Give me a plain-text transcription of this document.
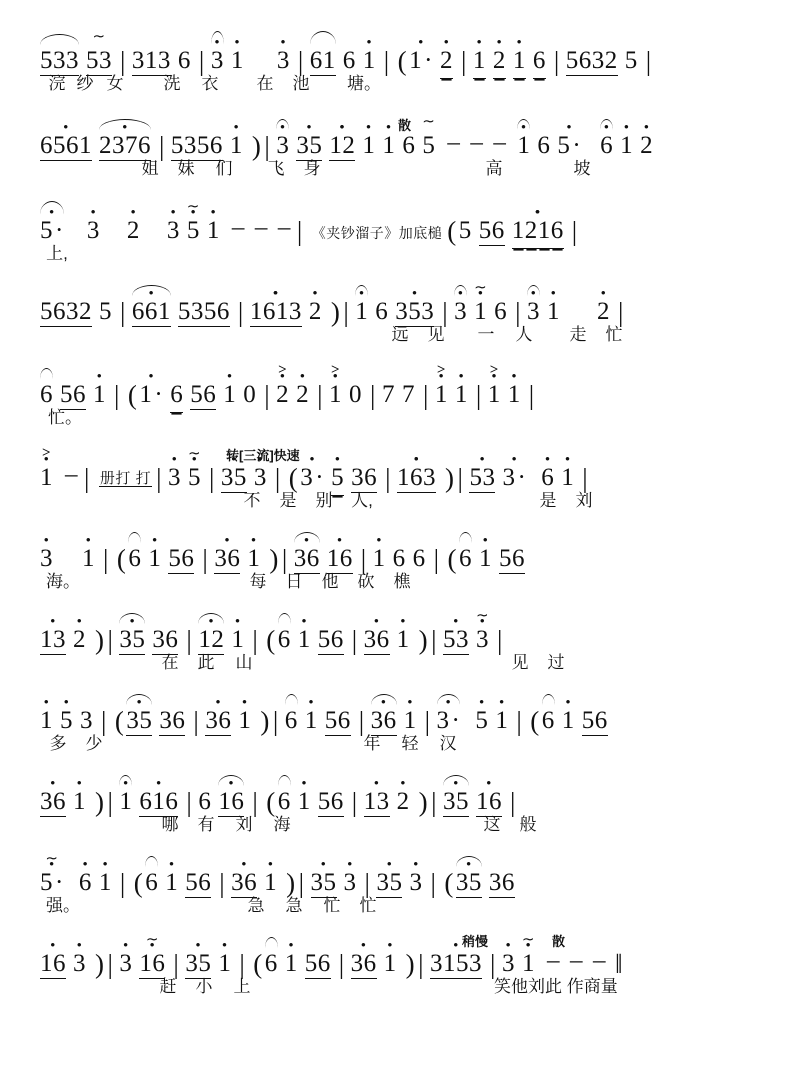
533
∼
53 | 313 6 | • 3 • 1 • 3 | 61 6 • 1 | ( • 1· • 2 | • 1 • 2 • 1 6 | 5632 5 |
浣 纱 女	洗	衣	在	池	塘。
散
656• 1 • 2376 | 5356 • 1 ) | • 3 • 35 • 1• 2 • 1 • 1 6
∼
5 – – – • 1 6 • 5· • 6 • 1 • 2
姐	妹	们	飞	身	高	坡
• 5· • 3 • 2 • 3
• ∼
5 • 1 – – – | 《夹钞溜子》加底槌 ( 5 56 • 1• 2• 16 |
上,
5632 5 | 66• 1 5356 | • 16• 1• 3 • 2 ) | • 1 6 • 353 | • 3
• ∼
1 6 | • 3 • 1 • 2 |
远	见	一	人	走	忙
6 56 • 1 | ( • 1· 6 56 • 1 0 |
• >
2 • 2 |
• >
1 0 | 7 7 |
• >
1 • 1 |
• >
1 • 1 |
忙。
转[三流]快速
• >
1 – | 册打 打 | • 3
• ∼
5 | • 35 • 3 | ( • 3· • 5 36 | • 16• 3 ) | • 53 • 3· • 6 • 1 |
不	是	别	人,	是	刘
• 3 • 1 | ( 6 • 1 56 | • 36 • 1 ) | • 36 • 16 | • 1 6 6 | ( 6 • 1 56
海。	每	日	他	砍	樵
• 13 • 2 ) | • 35 36 | • 12 • 1 | ( 6 • 1 56 | • 36 • 1 ) | • 53
• ∼
3 |
在	此	山	见	过
• 1 • 5 3 | ( • 35 36 | • 36 • 1 ) | 6 • 1 56 | • 36 • 1 | • 3· • 5 • 1 | ( 6 • 1 56
多	少	年	轻	汉
• 36 • 1 ) | • 1 6• 16 | 6 • 16 | ( 6 • 1 56 | • 13 • 2 ) | • 35 • 16 |
哪	有	刘	海	这	般
• ∼
5· • 6 • 1 | ( 6 • 1 56 | • 36 • 1 ) | • 35 • 3 | • 35 • 3 | ( • 35 36
强。	急	急	忙	忙
稍慢	散
• 16 • 3 ) | • 3
• ∼
16 | • 35 • 1 | ( 6 • 1 56 | • 36 • 1 ) | • 3153 | • 3
• ∼
1 – – – ‖
赶	小	上	笑他刘此 作商量
